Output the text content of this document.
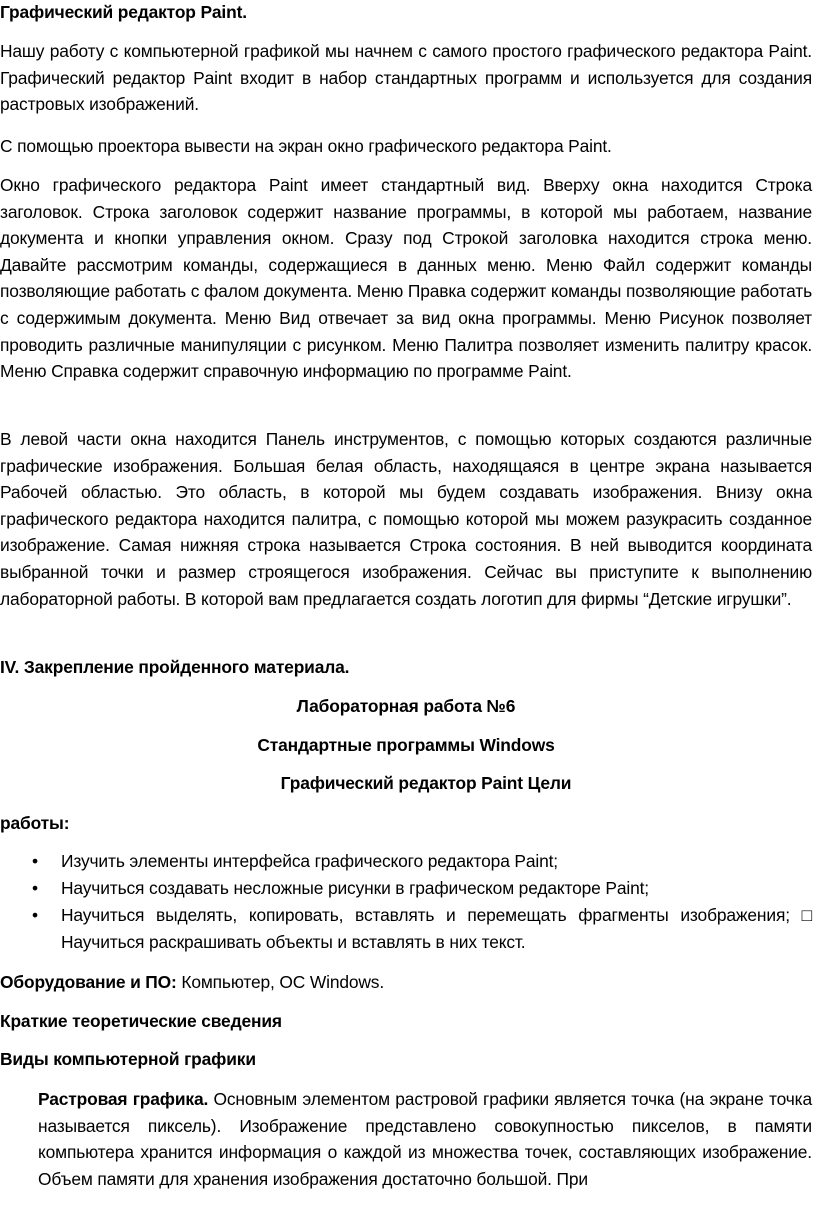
Графический редактор Paint.

Нашу работу с компьютерной графикой мы начнем с самого простого графического редактора Paint. Графический редактор Paint входит в набор стандартных программ и используется для создания растровых изображений.

С помощью проектора вывести на экран окно графического редактора Paint.

Окно графического редактора Paint имеет стандартный вид. Вверху окна находится Строка заголовок. Строка заголовок содержит название программы, в которой мы работаем, название документа и кнопки управления окном. Сразу под Строкой заголовка находится строка меню. Давайте рассмотрим команды, содержащиеся в данных меню. Меню Файл содержит команды позволяющие работать с фалом документа. Меню Правка содержит команды позволяющие работать с содержимым документа. Меню Вид отвечает за вид окна программы. Меню Рисунок позволяет проводить различные манипуляции с рисунком. Меню Палитра позволяет изменить палитру красок. Меню Справка содержит справочную информацию по программе Paint.

В левой части окна находится Панель инструментов, с помощью которых создаются различные графические изображения. Большая белая область, находящаяся в центре экрана называется Рабочей областью. Это область, в которой мы будем создавать изображения. Внизу окна графического редактора находится палитра, с помощью которой мы можем разукрасить созданное изображение. Самая нижняя строка называется Строка состояния. В ней выводится координата выбранной точки и размер строящегося изображения. Сейчас вы приступите к выполнению лабораторной работы. В которой вам предлагается создать логотип для фирмы “Детские игрушки”.

IV. Закрепление пройденного материала.

Лабораторная работа №6

Стандартные программы Windows

Графический редактор Paint Цели

работы:

• Изучить элементы интерфейса графического редактора Paint;
• Научиться создавать несложные рисунки в графическом редакторе Paint;
• Научиться выделять, копировать, вставлять и перемещать фрагменты изображения; □ Научиться раскрашивать объекты и вставлять в них текст.

Оборудование и ПО: Компьютер, ОС Windows.

Краткие теоретические сведения

Виды компьютерной графики

Растровая графика. Основным элементом растровой графики является точка (на экране точка называется пиксель). Изображение представлено совокупностью пикселов, в памяти компьютера хранится информация о каждой из множества точек, составляющих изображение. Объем памяти для хранения изображения достаточно большой. При
